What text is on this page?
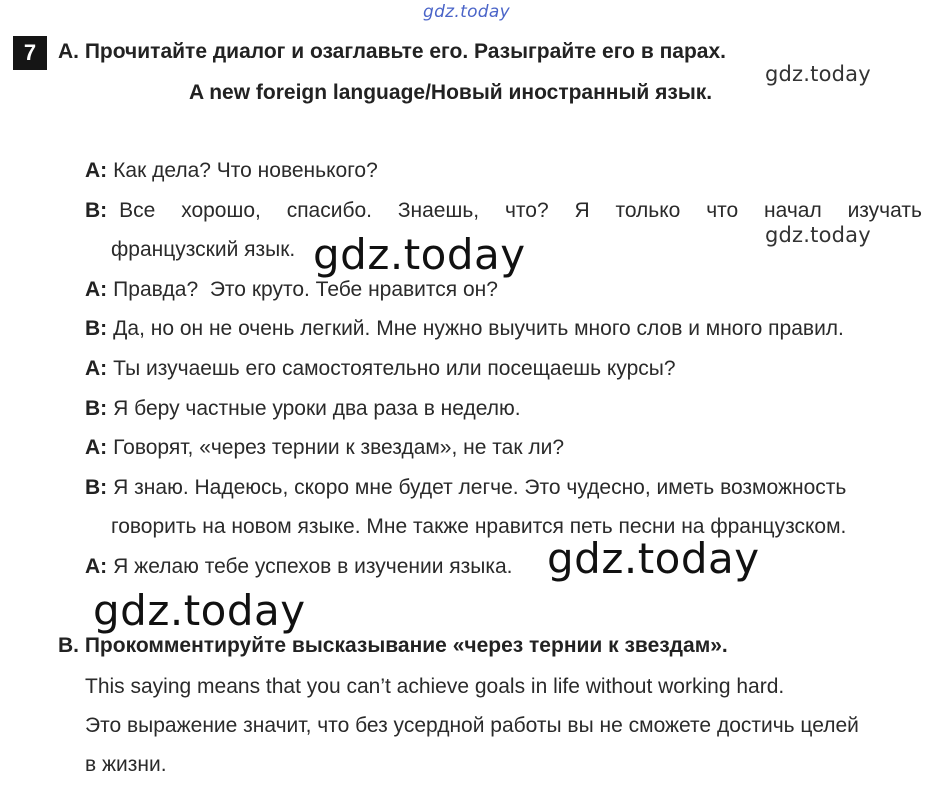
gdz.today
7	A. Прочитайте диалог и озаглавьте его. Разыграйте его в парах.
gdz.today
A new foreign language/Новый иностранный язык.
A: Как дела? Что новенького?
B: Все хорошо, спасибо. Знаешь, что? Я только что начал изучать
французский язык.
gdz.today
gdz.today
A: Правда?  Это круто. Тебе нравится он?
B: Да, но он не очень легкий. Мне нужно выучить много слов и много правил.
A: Ты изучаешь его самостоятельно или посещаешь курсы?
B: Я беру частные уроки два раза в неделю.
A: Говорят, «через тернии к звездам», не так ли?
B: Я знаю. Надеюсь, скоро мне будет легче. Это чудесно, иметь возможность
говорить на новом языке. Мне также нравится петь песни на французском.
A: Я желаю тебе успехов в изучении языка. gdz.today
gdz.today
B. Прокомментируйте высказывание «через тернии к звездам».
This saying means that you can’t achieve goals in life without working hard.
Это выражение значит, что без усердной работы вы не сможете достичь целей
в жизни.
